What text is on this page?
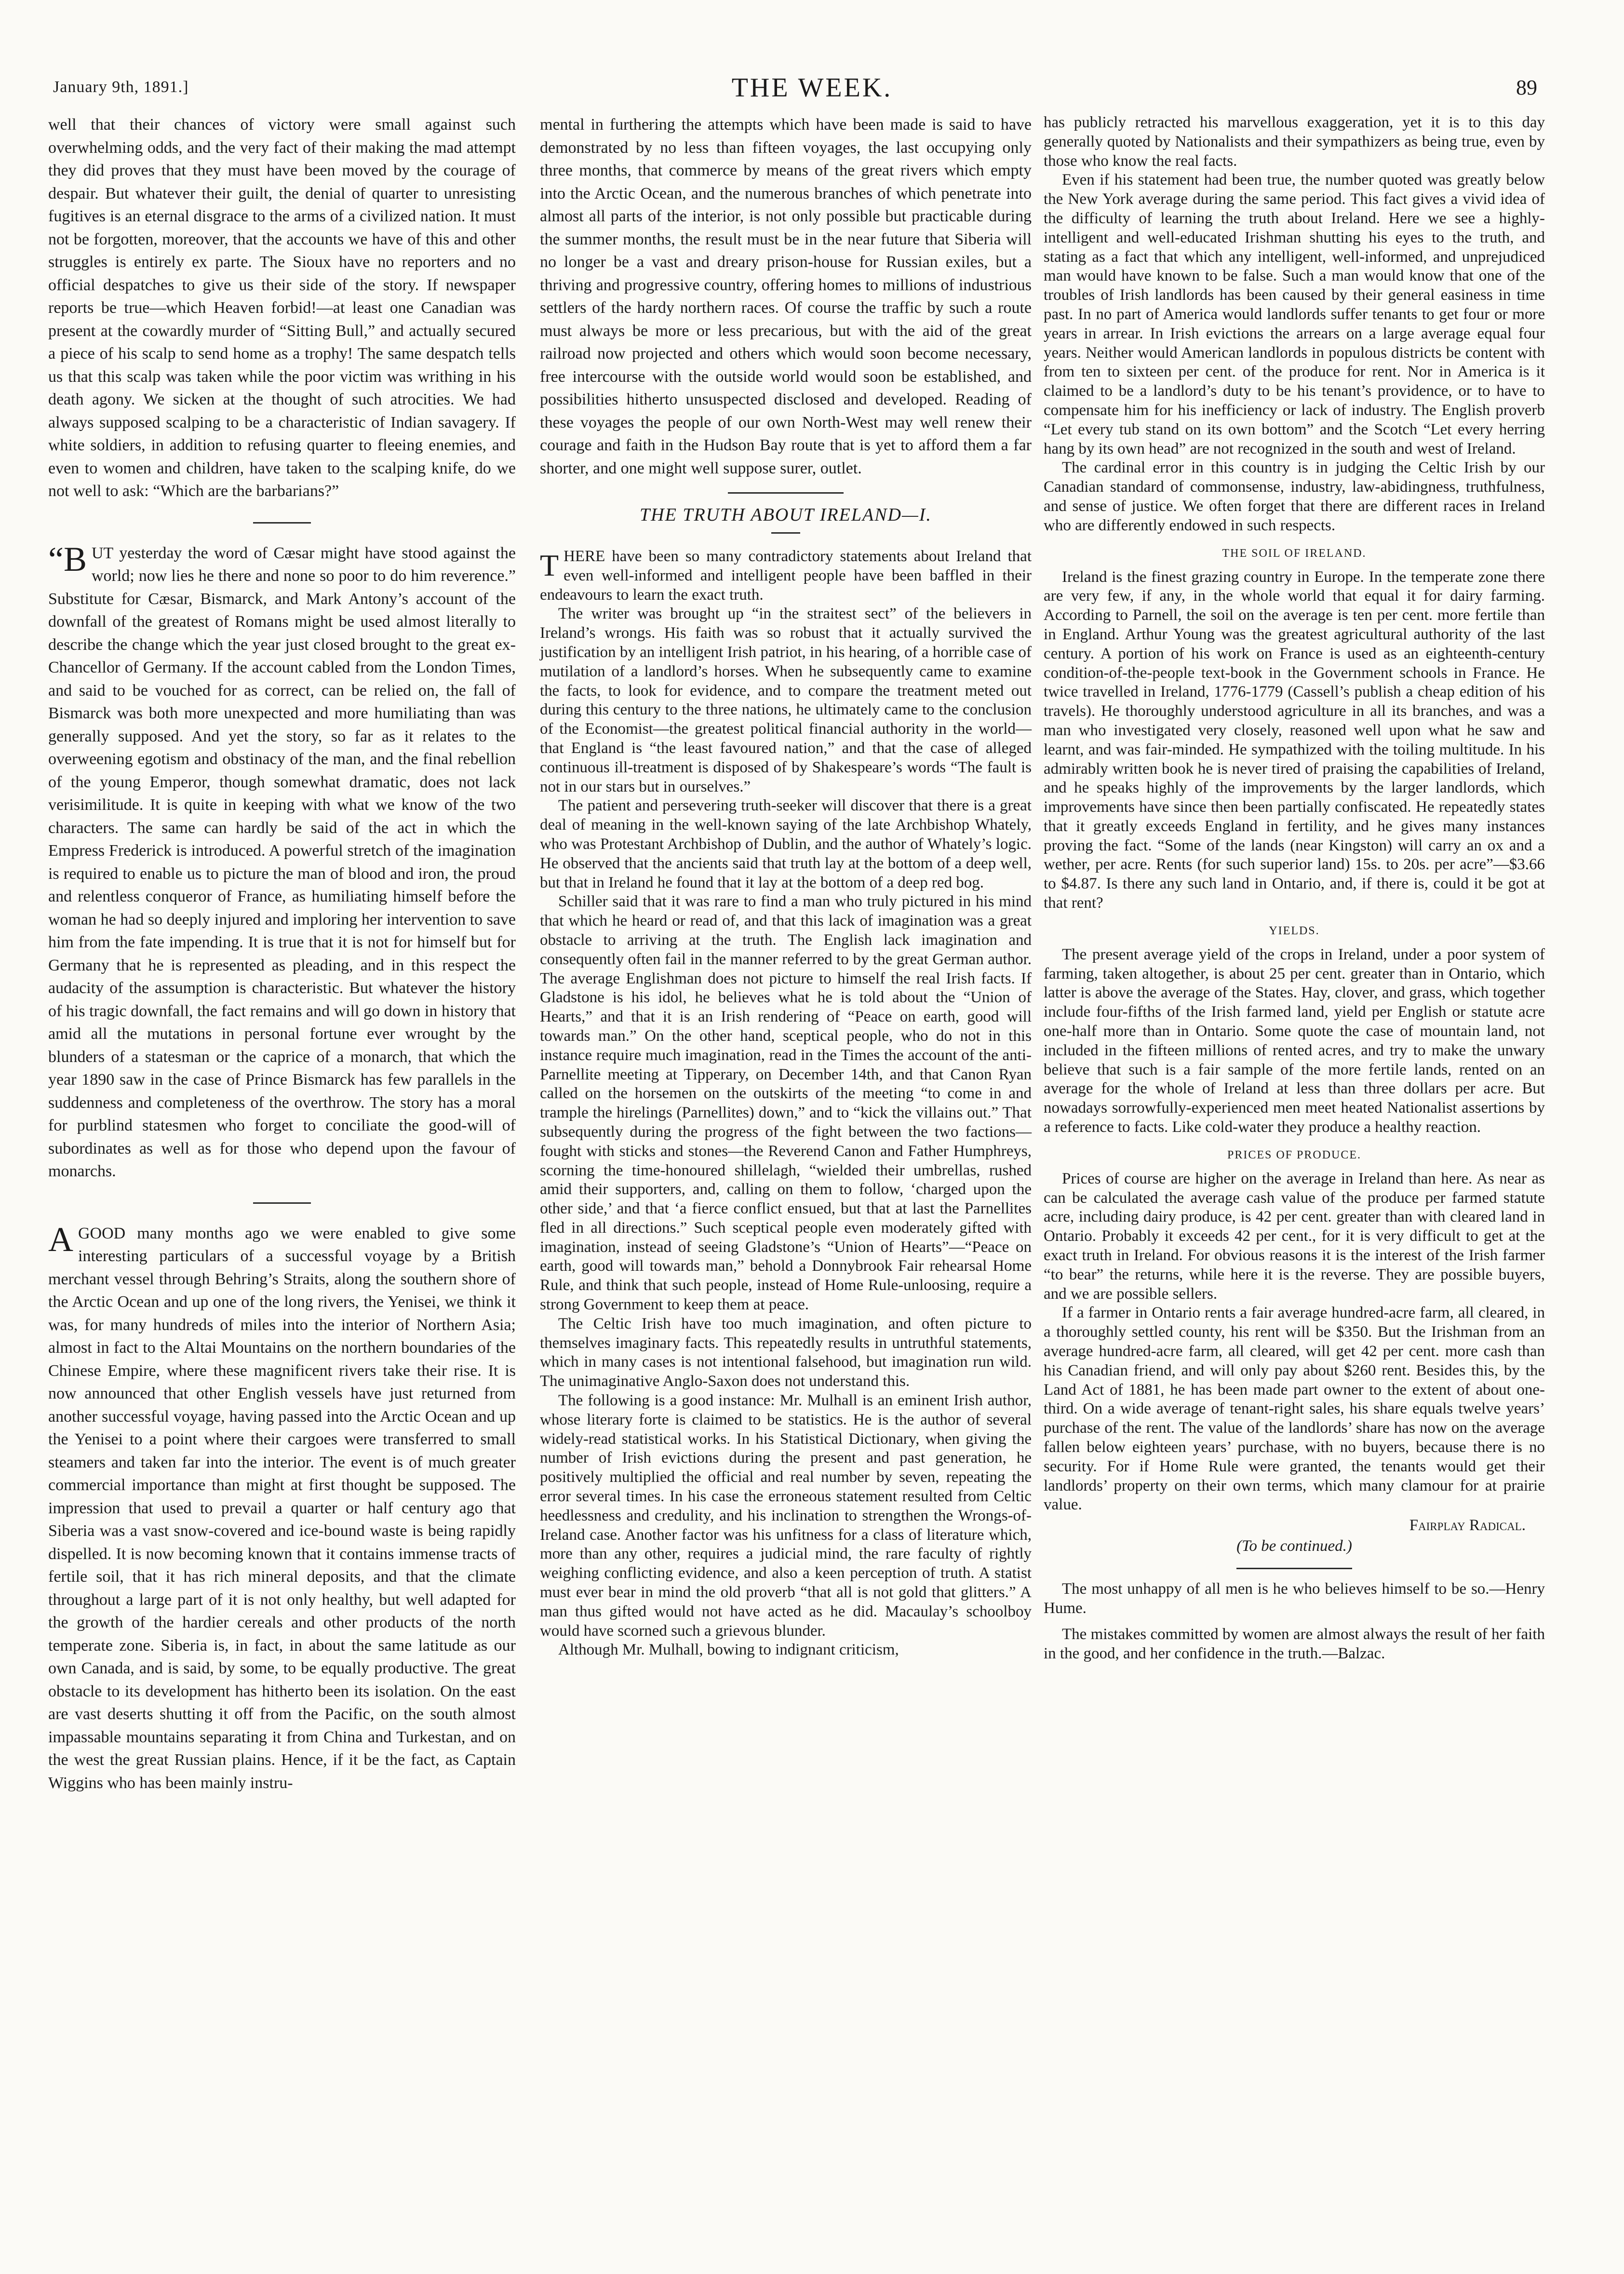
January 9th, 1891.]	THE WEEK.	89

well that their chances of victory were small against such overwhelming odds, and the very fact of their making the mad attempt they did proves that they must have been moved by the courage of despair. But whatever their guilt, the denial of quarter to unresisting fugitives is an eternal disgrace to the arms of a civilized nation. It must not be forgotten, moreover, that the accounts we have of this and other struggles is entirely ex parte. The Sioux have no reporters and no official despatches to give us their side of the story. If newspaper reports be true—which Heaven forbid!—at least one Canadian was present at the cowardly murder of “Sitting Bull,” and actually secured a piece of his scalp to send home as a trophy! The same despatch tells us that this scalp was taken while the poor victim was writhing in his death agony. We sicken at the thought of such atrocities. We had always supposed scalping to be a characteristic of Indian savagery. If white soldiers, in addition to refusing quarter to fleeing enemies, and even to women and children, have taken to the scalping knife, do we not well to ask: “Which are the barbarians?”

“BUT yesterday the word of Cæsar might have stood against the world; now lies he there and none so poor to do him reverence.” Substitute for Cæsar, Bismarck, and Mark Antony’s account of the downfall of the greatest of Romans might be used almost literally to describe the change which the year just closed brought to the great ex-Chancellor of Germany. If the account cabled from the London Times, and said to be vouched for as correct, can be relied on, the fall of Bismarck was both more unexpected and more humiliating than was generally supposed. And yet the story, so far as it relates to the overweening egotism and obstinacy of the man, and the final rebellion of the young Emperor, though somewhat dramatic, does not lack verisimilitude. It is quite in keeping with what we know of the two characters. The same can hardly be said of the act in which the Empress Frederick is introduced. A powerful stretch of the imagination is required to enable us to picture the man of blood and iron, the proud and relentless conqueror of France, as humiliating himself before the woman he had so deeply injured and imploring her intervention to save him from the fate impending. It is true that it is not for himself but for Germany that he is represented as pleading, and in this respect the audacity of the assumption is characteristic. But whatever the history of his tragic downfall, the fact remains and will go down in history that amid all the mutations in personal fortune ever wrought by the blunders of a statesman or the caprice of a monarch, that which the year 1890 saw in the case of Prince Bismarck has few parallels in the suddenness and completeness of the overthrow. The story has a moral for purblind statesmen who forget to conciliate the good-will of subordinates as well as for those who depend upon the favour of monarchs.

AGOOD many months ago we were enabled to give some interesting particulars of a successful voyage by a British merchant vessel through Behring’s Straits, along the southern shore of the Arctic Ocean and up one of the long rivers, the Yenisei, we think it was, for many hundreds of miles into the interior of Northern Asia; almost in fact to the Altai Mountains on the northern boundaries of the Chinese Empire, where these magnificent rivers take their rise. It is now announced that other English vessels have just returned from another successful voyage, having passed into the Arctic Ocean and up the Yenisei to a point where their cargoes were transferred to small steamers and taken far into the interior. The event is of much greater commercial importance than might at first thought be supposed. The impression that used to prevail a quarter or half century ago that Siberia was a vast snow-covered and ice-bound waste is being rapidly dispelled. It is now becoming known that it contains immense tracts of fertile soil, that it has rich mineral deposits, and that the climate throughout a large part of it is not only healthy, but well adapted for the growth of the hardier cereals and other products of the north temperate zone. Siberia is, in fact, in about the same latitude as our own Canada, and is said, by some, to be equally productive. The great obstacle to its development has hitherto been its isolation. On the east are vast deserts shutting it off from the Pacific, on the south almost impassable mountains separating it from China and Turkestan, and on the west the great Russian plains. Hence, if it be the fact, as Captain Wiggins who has been mainly instru-

mental in furthering the attempts which have been made is said to have demonstrated by no less than fifteen voyages, the last occupying only three months, that commerce by means of the great rivers which empty into the Arctic Ocean, and the numerous branches of which penetrate into almost all parts of the interior, is not only possible but practicable during the summer months, the result must be in the near future that Siberia will no longer be a vast and dreary prison-house for Russian exiles, but a thriving and progressive country, offering homes to millions of industrious settlers of the hardy northern races. Of course the traffic by such a route must always be more or less precarious, but with the aid of the great railroad now projected and others which would soon become necessary, free intercourse with the outside world would soon be established, and possibilities hitherto unsuspected disclosed and developed. Reading of these voyages the people of our own North-West may well renew their courage and faith in the Hudson Bay route that is yet to afford them a far shorter, and one might well suppose surer, outlet.

THE TRUTH ABOUT IRELAND—I.

THERE have been so many contradictory statements about Ireland that even well-informed and intelligent people have been baffled in their endeavours to learn the exact truth.

The writer was brought up “in the straitest sect” of the believers in Ireland’s wrongs. His faith was so robust that it actually survived the justification by an intelligent Irish patriot, in his hearing, of a horrible case of mutilation of a landlord’s horses. When he subsequently came to examine the facts, to look for evidence, and to compare the treatment meted out during this century to the three nations, he ultimately came to the conclusion of the Economist—the greatest political financial authority in the world—that England is “the least favoured nation,” and that the case of alleged continuous ill-treatment is disposed of by Shakespeare’s words “The fault is not in our stars but in ourselves.”

The patient and persevering truth-seeker will discover that there is a great deal of meaning in the well-known saying of the late Archbishop Whately, who was Protestant Archbishop of Dublin, and the author of Whately’s logic. He observed that the ancients said that truth lay at the bottom of a deep well, but that in Ireland he found that it lay at the bottom of a deep red bog.

Schiller said that it was rare to find a man who truly pictured in his mind that which he heard or read of, and that this lack of imagination was a great obstacle to arriving at the truth. The English lack imagination and consequently often fail in the manner referred to by the great German author. The average Englishman does not picture to himself the real Irish facts. If Gladstone is his idol, he believes what he is told about the “Union of Hearts,” and that it is an Irish rendering of “Peace on earth, good will towards man.” On the other hand, sceptical people, who do not in this instance require much imagination, read in the Times the account of the anti-Parnellite meeting at Tipperary, on December 14th, and that Canon Ryan called on the horsemen on the outskirts of the meeting “to come in and trample the hirelings (Parnellites) down,” and to “kick the villains out.” That subsequently during the progress of the fight between the two factions—fought with sticks and stones—the Reverend Canon and Father Humphreys, scorning the time-honoured shillelagh, “wielded their umbrellas, rushed amid their supporters, and, calling on them to follow, ‘charged upon the other side,’ and that ‘a fierce conflict ensued, but that at last the Parnellites fled in all directions.” Such sceptical people even moderately gifted with imagination, instead of seeing Gladstone’s “Union of Hearts”—“Peace on earth, good will towards man,” behold a Donnybrook Fair rehearsal Home Rule, and think that such people, instead of Home Rule-unloosing, require a strong Government to keep them at peace.

The Celtic Irish have too much imagination, and often picture to themselves imaginary facts. This repeatedly results in untruthful statements, which in many cases is not intentional falsehood, but imagination run wild. The unimaginative Anglo-Saxon does not understand this.

The following is a good instance: Mr. Mulhall is an eminent Irish author, whose literary forte is claimed to be statistics. He is the author of several widely-read statistical works. In his Statistical Dictionary, when giving the number of Irish evictions during the present and past generation, he positively multiplied the official and real number by seven, repeating the error several times. In his case the erroneous statement resulted from Celtic heedlessness and credulity, and his inclination to strengthen the Wrongs-of-Ireland case. Another factor was his unfitness for a class of literature which, more than any other, requires a judicial mind, the rare faculty of rightly weighing conflicting evidence, and also a keen perception of truth. A statist must ever bear in mind the old proverb “that all is not gold that glitters.” A man thus gifted would not have acted as he did. Macaulay’s schoolboy would have scorned such a grievous blunder.

Although Mr. Mulhall, bowing to indignant criticism,

has publicly retracted his marvellous exaggeration, yet it is to this day generally quoted by Nationalists and their sympathizers as being true, even by those who know the real facts.

Even if his statement had been true, the number quoted was greatly below the New York average during the same period. This fact gives a vivid idea of the difficulty of learning the truth about Ireland. Here we see a highly-intelligent and well-educated Irishman shutting his eyes to the truth, and stating as a fact that which any intelligent, well-informed, and unprejudiced man would have known to be false. Such a man would know that one of the troubles of Irish landlords has been caused by their general easiness in time past. In no part of America would landlords suffer tenants to get four or more years in arrear. In Irish evictions the arrears on a large average equal four years. Neither would American landlords in populous districts be content with from ten to sixteen per cent. of the produce for rent. Nor in America is it claimed to be a landlord’s duty to be his tenant’s providence, or to have to compensate him for his inefficiency or lack of industry. The English proverb “Let every tub stand on its own bottom” and the Scotch “Let every herring hang by its own head” are not recognized in the south and west of Ireland.

The cardinal error in this country is in judging the Celtic Irish by our Canadian standard of commonsense, industry, law-abidingness, truthfulness, and sense of justice. We often forget that there are different races in Ireland who are differently endowed in such respects.

THE SOIL OF IRELAND.

Ireland is the finest grazing country in Europe. In the temperate zone there are very few, if any, in the whole world that equal it for dairy farming. According to Parnell, the soil on the average is ten per cent. more fertile than in England. Arthur Young was the greatest agricultural authority of the last century. A portion of his work on France is used as an eighteenth-century condition-of-the-people text-book in the Government schools in France. He twice travelled in Ireland, 1776-1779 (Cassell’s publish a cheap edition of his travels). He thoroughly understood agriculture in all its branches, and was a man who investigated very closely, reasoned well upon what he saw and learnt, and was fair-minded. He sympathized with the toiling multitude. In his admirably written book he is never tired of praising the capabilities of Ireland, and he speaks highly of the improvements by the larger landlords, which improvements have since then been partially confiscated. He repeatedly states that it greatly exceeds England in fertility, and he gives many instances proving the fact. “Some of the lands (near Kingston) will carry an ox and a wether, per acre. Rents (for such superior land) 15s. to 20s. per acre”—$3.66 to $4.87. Is there any such land in Ontario, and, if there is, could it be got at that rent?

YIELDS.

The present average yield of the crops in Ireland, under a poor system of farming, taken altogether, is about 25 per cent. greater than in Ontario, which latter is above the average of the States. Hay, clover, and grass, which together include four-fifths of the Irish farmed land, yield per English or statute acre one-half more than in Ontario. Some quote the case of mountain land, not included in the fifteen millions of rented acres, and try to make the unwary believe that such is a fair sample of the more fertile lands, rented on an average for the whole of Ireland at less than three dollars per acre. But nowadays sorrowfully-experienced men meet heated Nationalist assertions by a reference to facts. Like cold-water they produce a healthy reaction.

PRICES OF PRODUCE.

Prices of course are higher on the average in Ireland than here. As near as can be calculated the average cash value of the produce per farmed statute acre, including dairy produce, is 42 per cent. greater than with cleared land in Ontario. Probably it exceeds 42 per cent., for it is very difficult to get at the exact truth in Ireland. For obvious reasons it is the interest of the Irish farmer “to bear” the returns, while here it is the reverse. They are possible buyers, and we are possible sellers.

If a farmer in Ontario rents a fair average hundred-acre farm, all cleared, in a thoroughly settled county, his rent will be $350. But the Irishman from an average hundred-acre farm, all cleared, will get 42 per cent. more cash than his Canadian friend, and will only pay about $260 rent. Besides this, by the Land Act of 1881, he has been made part owner to the extent of about one-third. On a wide average of tenant-right sales, his share equals twelve years’ purchase of the rent. The value of the landlords’ share has now on the average fallen below eighteen years’ purchase, with no buyers, because there is no security. For if Home Rule were granted, the tenants would get their landlords’ property on their own terms, which many clamour for at prairie value.

Fairplay Radical.
(To be continued.)

The most unhappy of all men is he who believes himself to be so.—Henry Hume.

The mistakes committed by women are almost always the result of her faith in the good, and her confidence in the truth.—Balzac.
